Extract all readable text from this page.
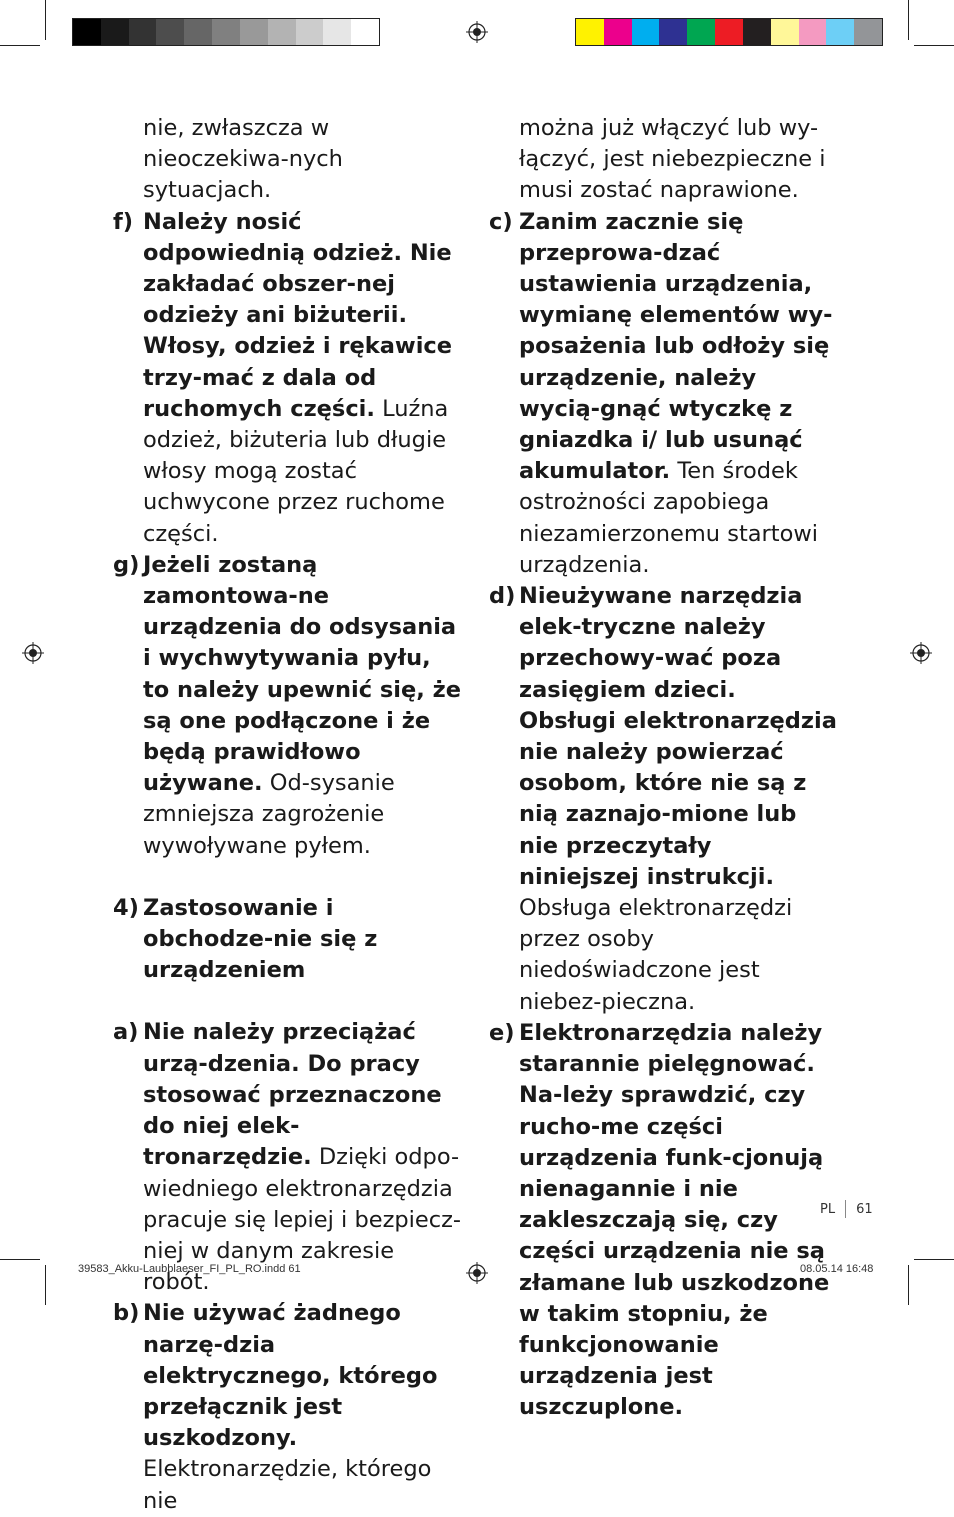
nie, zwłaszcza w nieoczekiwa-nych sytuacjach.
f) Należy nosić odpowiednią odzież. Nie zakładać obszer-nej odzieży ani biżuterii. Włosy, odzież i rękawice trzy-mać z dala od ruchomych części. Luźna odzież, biżuteria lub długie włosy mogą zostać uchwycone przez ruchome części.
g) Jeżeli zostaną zamontowa-ne urządzenia do odsysania i wychwytywania pyłu, to należy upewnić się, że są one podłączone i że będą prawidłowo używane. Od-sysanie zmniejsza zagrożenie wywoływane pyłem.
4) Zastosowanie i obchodze-nie się z urządzeniem
a) Nie należy przeciążać urzą-dzenia. Do pracy stosować przeznaczone do niej elek-tronarzędzie. Dzięki odpo-wiedniego elektronarzędzia pracuje się lepiej i bezpiecz-niej w danym zakresie robót.
b) Nie używać żadnego narzę-dzia elektrycznego, którego przełącznik jest uszkodzony. Elektronarzędzie, którego nie
można już włączyć lub wy-łączyć, jest niebezpieczne i musi zostać naprawione.
c) Zanim zacznie się przeprowa-dzać ustawienia urządzenia, wymianę elementów wy-posażenia lub odłoży się urządzenie, należy wycią-gnąć wtyczkę z gniazdka i/ lub usunąć akumulator. Ten środek ostrożności zapobiega niezamierzonemu startowi urządzenia.
d) Nieużywane narzędzia elek-tryczne należy przechowy-wać poza zasięgiem dzieci. Obsługi elektronarzędzia nie należy powierzać osobom, które nie są z nią zaznajo-mione lub nie przeczytały niniejszej instrukcji. Obsługa elektronarzędzi przez osoby niedoświadczone jest niebez-pieczna.
e) Elektronarzędzia należy starannie pielęgnować. Na-leży sprawdzić, czy rucho-me części urządzenia funk-cjonują nienagannie i nie zakleszczają się, czy części urządzenia nie są złamane lub uszkodzone w takim stopniu, że funkcjonowanie urządzenia jest uszczuplone.
PL 61
39583_Akku-Laubblaeser_FI_PL_RO.indd 61	08.05.14 16:48
